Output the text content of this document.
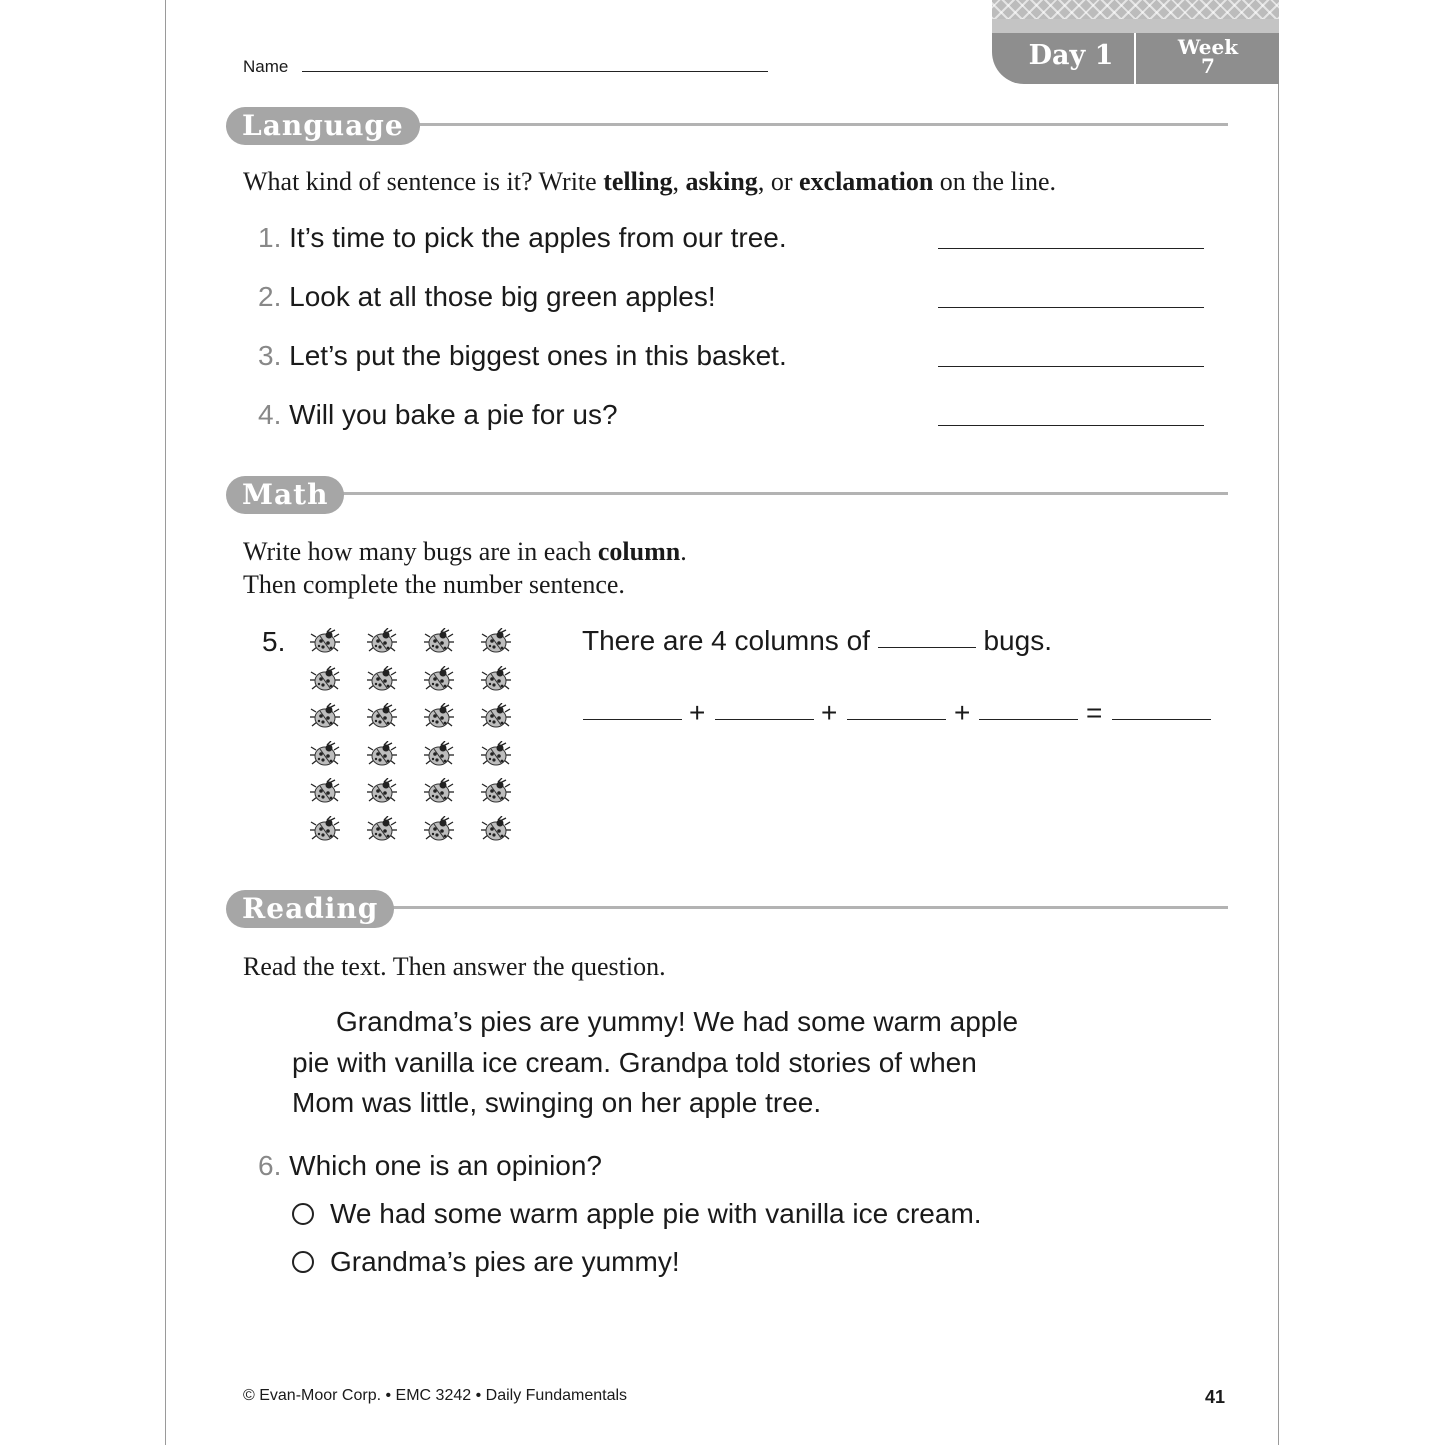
Name	Day 1	Week
7
Language
What kind of sentence is it? Write telling, asking, or exclamation on the line.
1. It’s time to pick the apples from our tree.
2. Look at all those big green apples!
3. Let’s put the biggest ones in this basket.
4. Will you bake a pie for us?
Math
Write how many bugs are in each column.
Then complete the number sentence.
5.	There are 4 columns of	bugs.
+	+	+	=
Reading
Read the text. Then answer the question.
Grandma’s pies are yummy! We had some warm apple
pie with vanilla ice cream. Grandpa told stories of when
Mom was little, swinging on her apple tree.
6. Which one is an opinion?
We had some warm apple pie with vanilla ice cream.
Grandma’s pies are yummy!
© Evan-Moor Corp. • EMC 3242 • Daily Fundamentals	41
